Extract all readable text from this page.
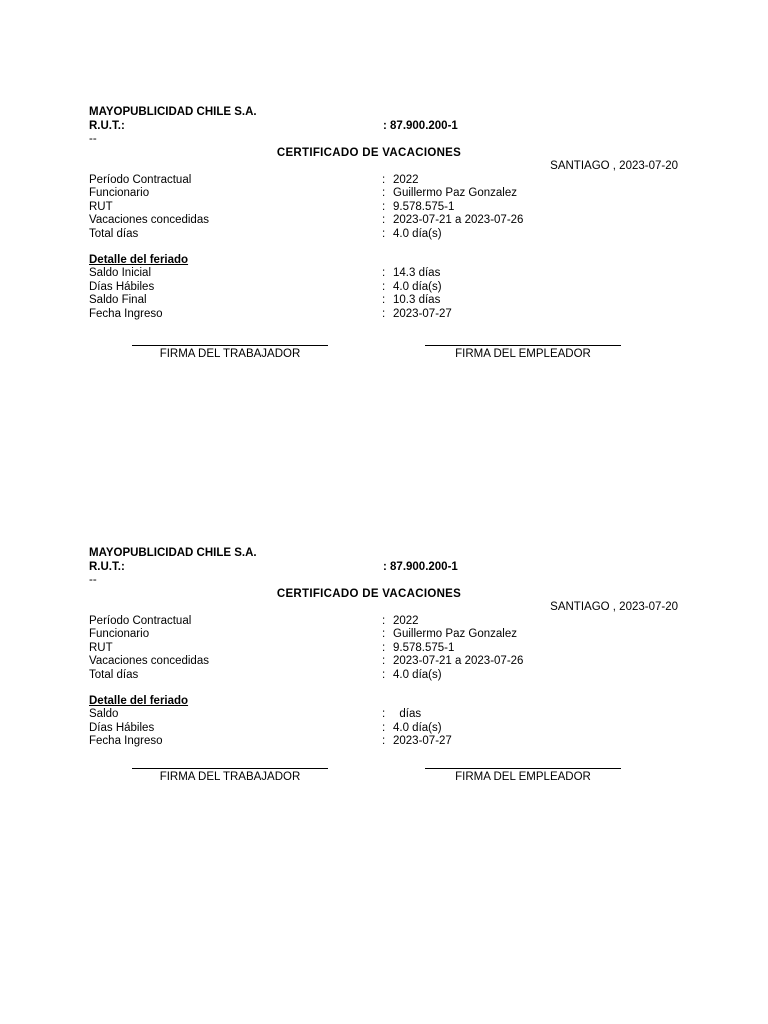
MAYOPUBLICIDAD CHILE S.A.
R.U.T.:	: 87.900.200-1
--
CERTIFICADO DE VACACIONES
SANTIAGO , 2023-07-20
Período Contractual	: 2022
Funcionario	: Guillermo Paz Gonzalez
RUT	: 9.578.575-1
Vacaciones concedidas	: 2023-07-21 a 2023-07-26
Total días	: 4.0 día(s)
Detalle del feriado
Saldo Inicial	: 14.3 días
Días Hábiles	: 4.0 día(s)
Saldo Final	: 10.3 días
Fecha Ingreso	: 2023-07-27
FIRMA DEL TRABAJADOR	FIRMA DEL EMPLEADOR
MAYOPUBLICIDAD CHILE S.A.
R.U.T.:	: 87.900.200-1
--
CERTIFICADO DE VACACIONES
SANTIAGO , 2023-07-20
Período Contractual	: 2022
Funcionario	: Guillermo Paz Gonzalez
RUT	: 9.578.575-1
Vacaciones concedidas	: 2023-07-21 a 2023-07-26
Total días	: 4.0 día(s)
Detalle del feriado
Saldo	: días
Días Hábiles	: 4.0 día(s)
Fecha Ingreso	: 2023-07-27
FIRMA DEL TRABAJADOR	FIRMA DEL EMPLEADOR
